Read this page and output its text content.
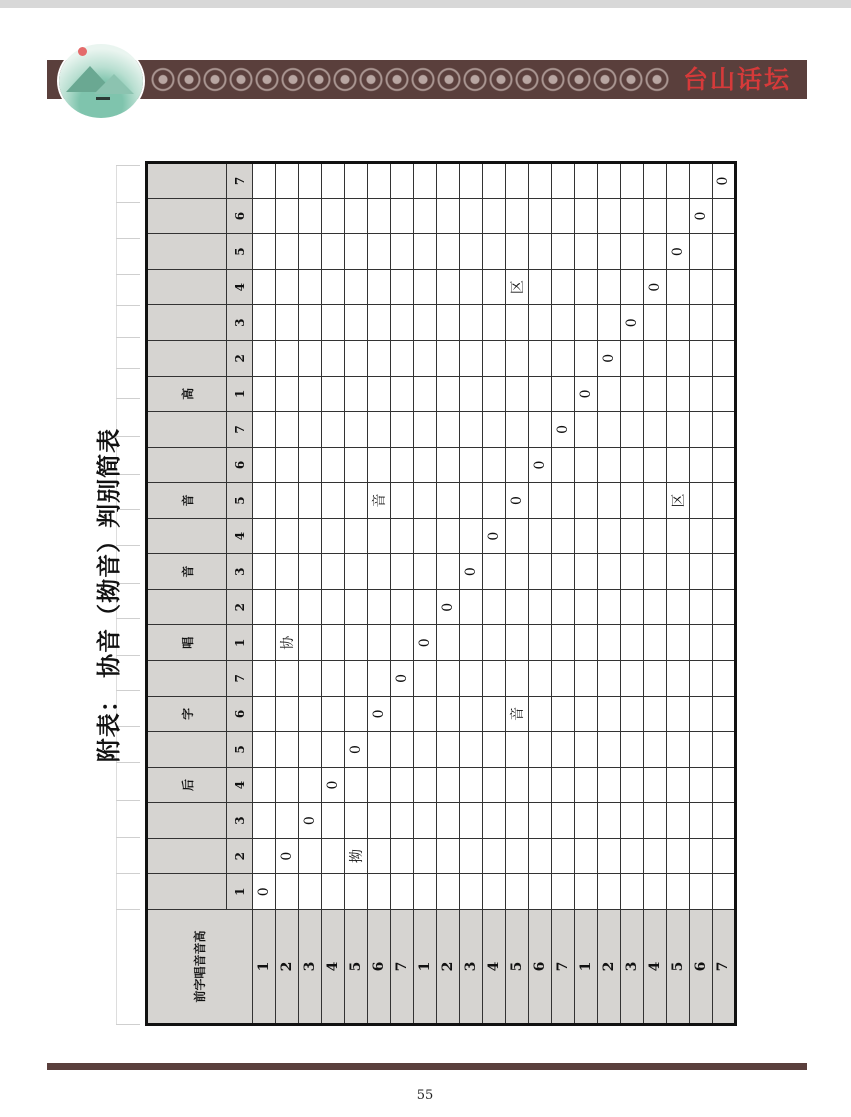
台山话坛
附表： 协音（拗音）判别简表
前字唱音音高				后		字		唱		音		音			高						
	1	2	3	4	5	6	7	1	2	3	4	5	6	7	1	2	3	4	5	6	7
1	0																				
2		0						协													
3			0																		
4				0																	
5		拗			0																
6						0						音									
7							0														
1								0													
2									0												
3										0											
4											0										
5						音						0						区			
6													0								
7														0							
1															0						
2																0					
3																	0				
4																		0			
5												区							0		
6																				0	
7																					0
55
